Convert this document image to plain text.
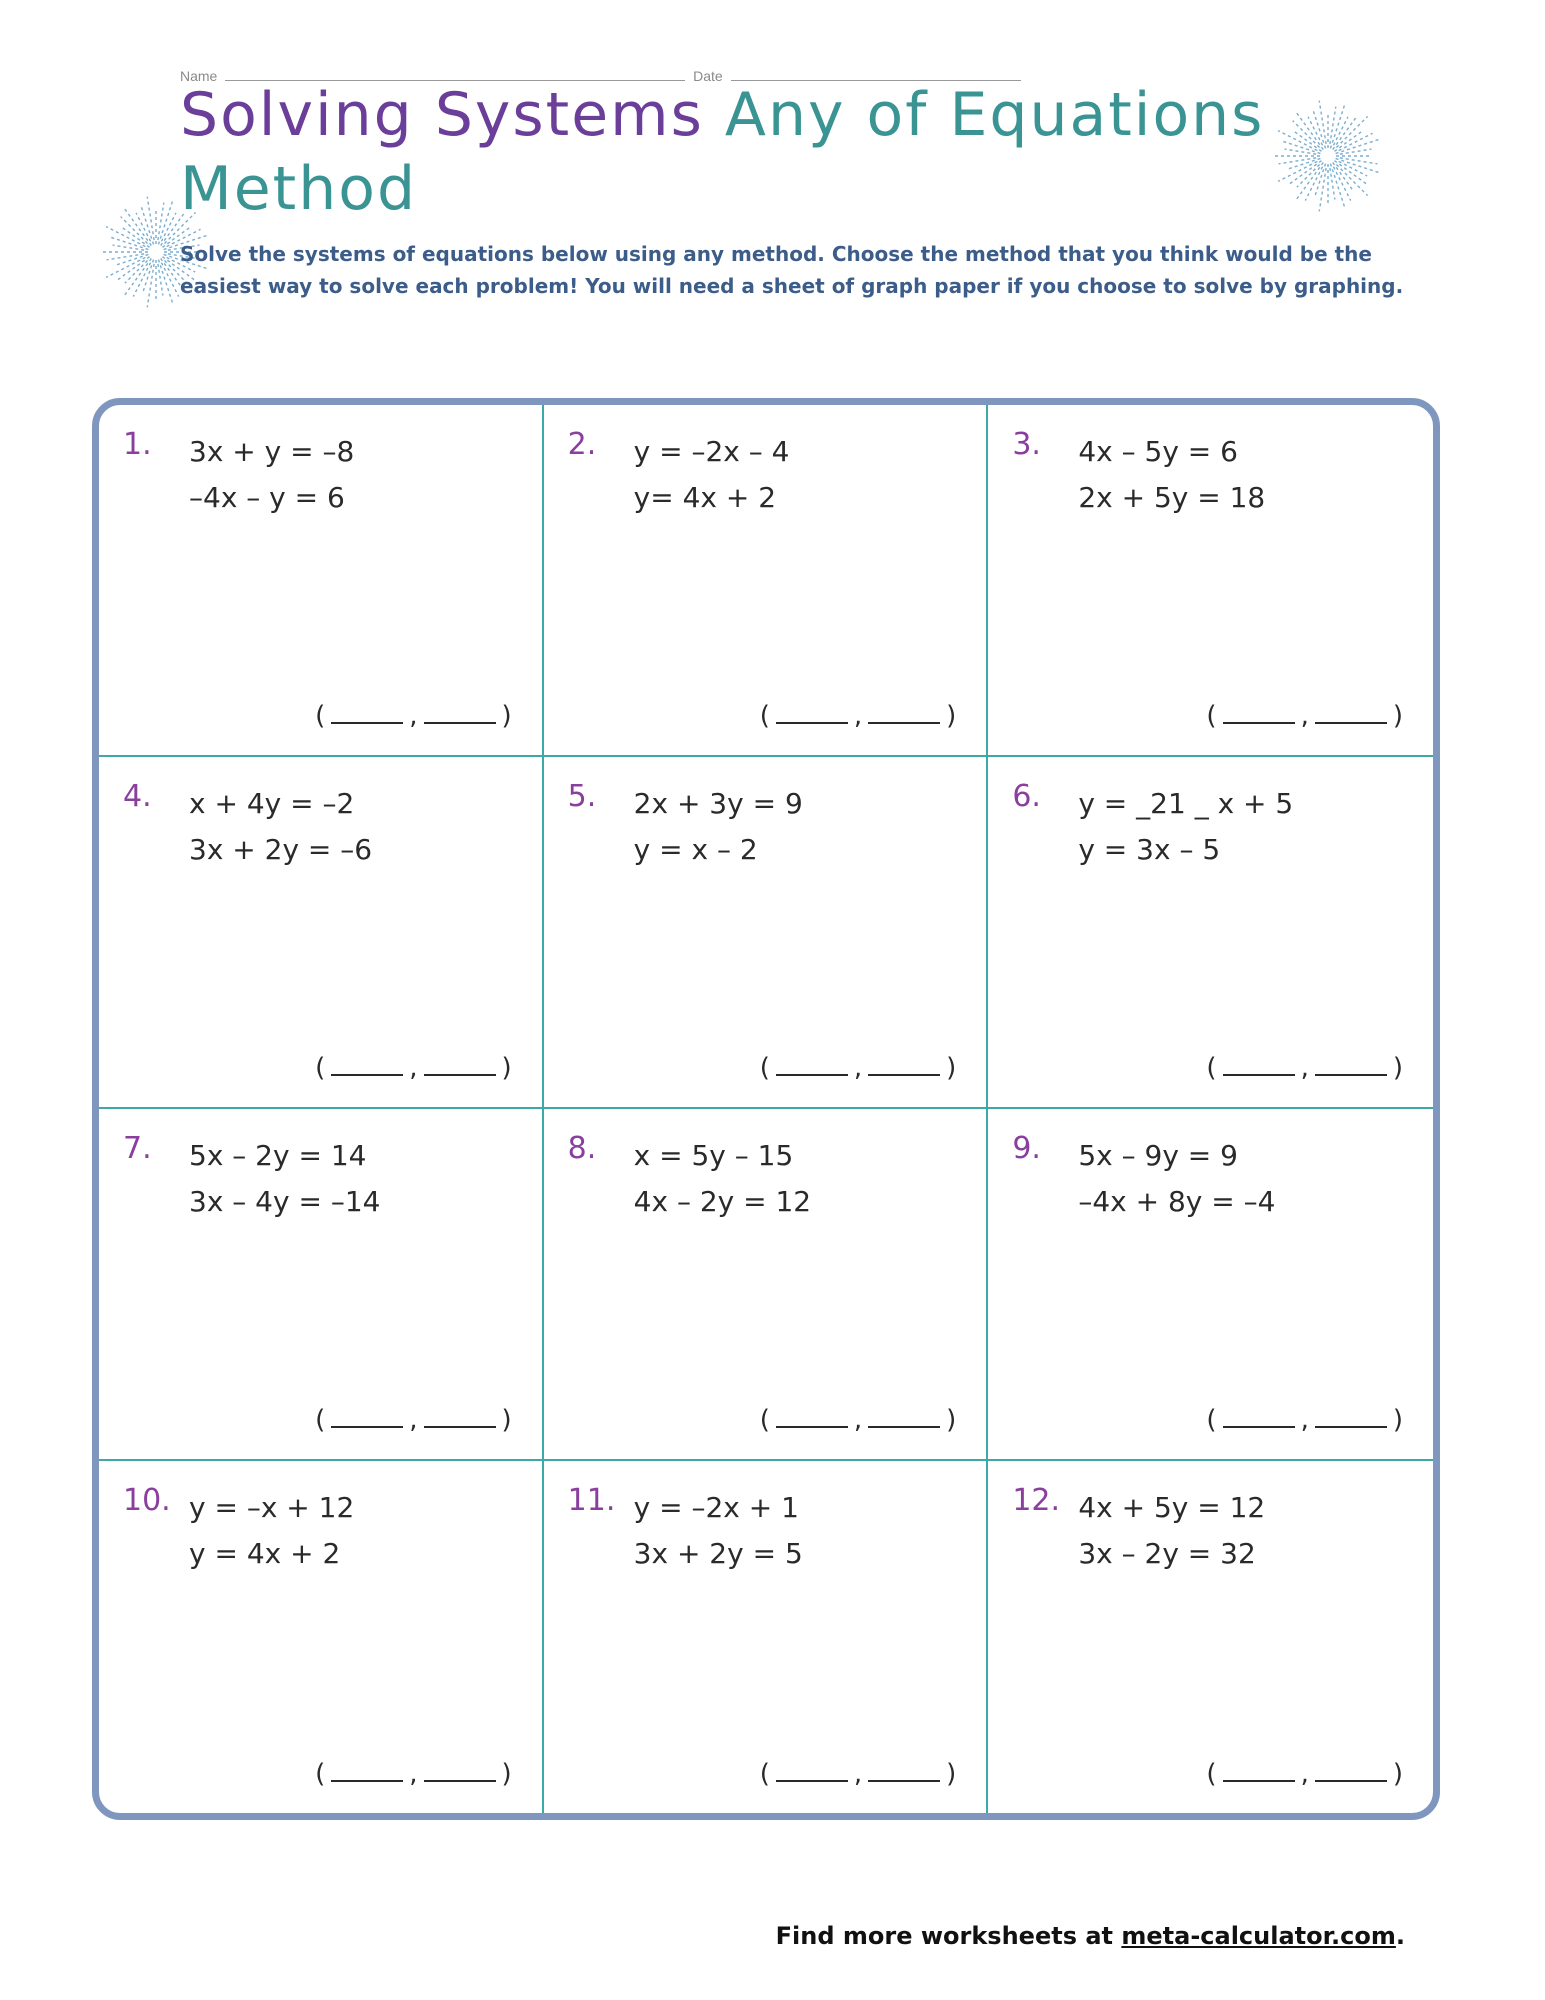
Name	Date
Solving Systems Any of Equations Method

Solve the systems of equations below using any method. Choose the method that you think would be the easiest way to solve each problem! You will need a sheet of graph paper if you choose to solve by graphing.

1. 3x + y = –8
–4x – y = 6
(	,	)
2. y = –2x – 4
y= 4x + 2
(	,	)
3. 4x – 5y = 6
2x + 5y = 18
(	,	)
4. x + 4y = –2
3x + 2y = –6
(	,	)
5. 2x + 3y = 9
y = x – 2
(	,	)
6. y = _21 _ x + 5
y = 3x – 5
(	,	)
7. 5x – 2y = 14
3x – 4y = –14
(	,	)
8. x = 5y – 15
4x – 2y = 12
(	,	)
9. 5x – 9y = 9
–4x + 8y = –4
(	,	)
10. y = –x + 12
y = 4x + 2
(	,	)
11. y = –2x + 1
3x + 2y = 5
(	,	)
12. 4x + 5y = 12
3x – 2y = 32
(	,	)
Find more worksheets at meta-calculator.com.
